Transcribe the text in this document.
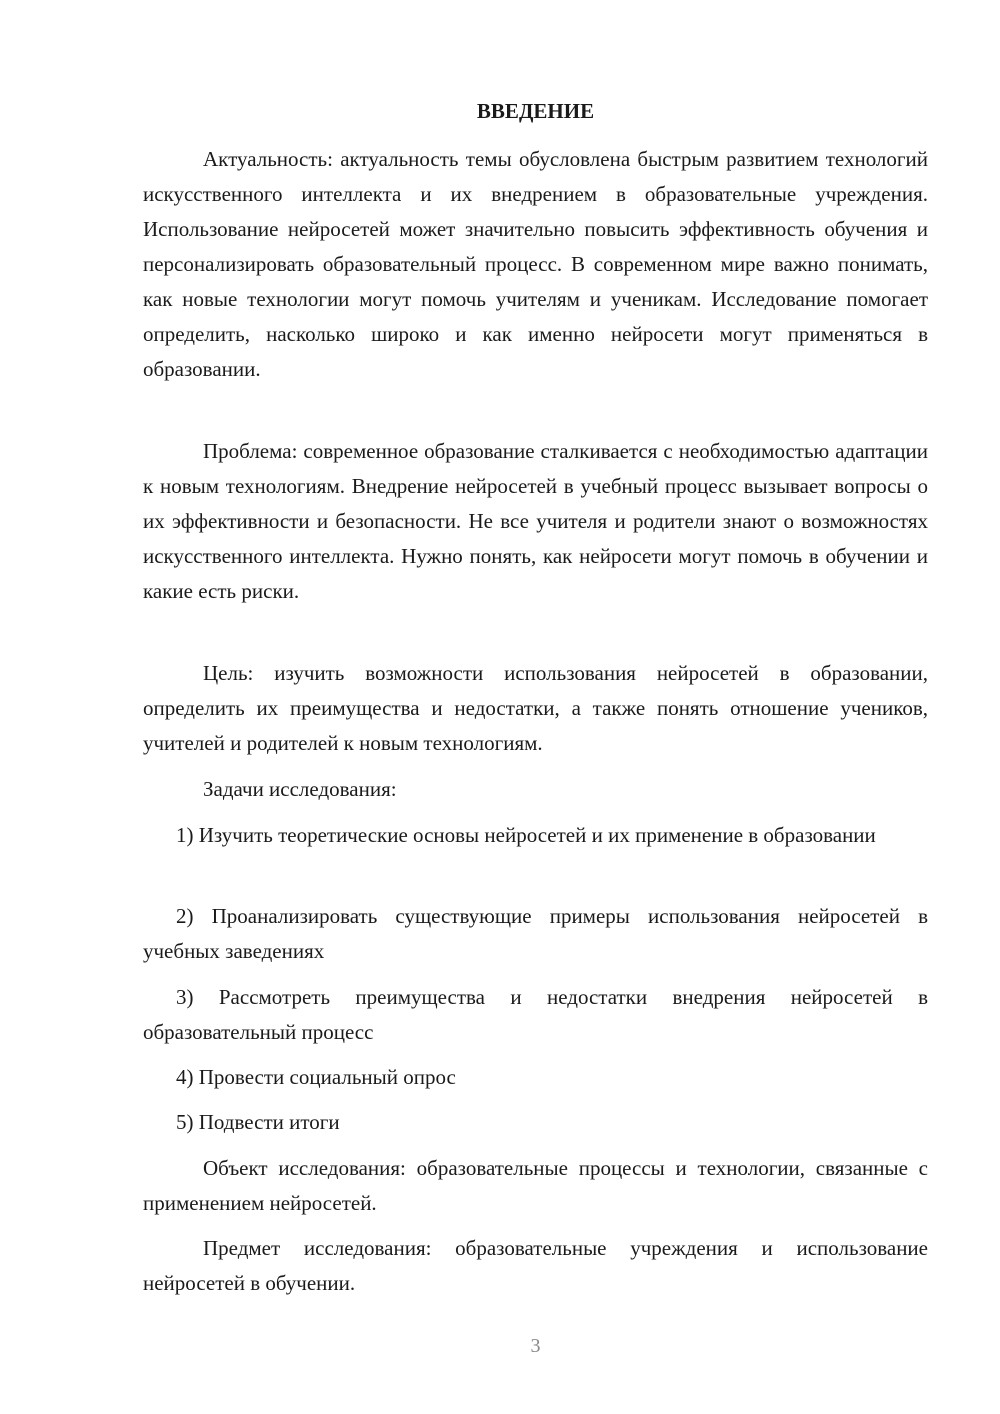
ВВЕДЕНИЕ

Актуальность: актуальность темы обусловлена быстрым развитием технологий искусственного интеллекта и их внедрением в образовательные учреждения. Использование нейросетей может значительно повысить эффективность обучения и персонализировать образовательный процесс. В современном мире важно понимать, как новые технологии могут помочь учителям и ученикам. Исследование помогает определить, насколько широко и как именно нейросети могут применяться в образовании.

Проблема: современное образование сталкивается с необходимостью адаптации к новым технологиям. Внедрение нейросетей в учебный процесс вызывает вопросы о их эффективности и безопасности. Не все учителя и родители знают о возможностях искусственного интеллекта. Нужно понять, как нейросети могут помочь в обучении и какие есть риски.

Цель: изучить возможности использования нейросетей в образовании, определить их преимущества и недостатки, а также понять отношение учеников, учителей и родителей к новым технологиям.

Задачи исследования:

1) Изучить теоретические основы нейросетей и их применение в образовании

2) Проанализировать существующие примеры использования нейросетей в учебных заведениях

3) Рассмотреть преимущества и недостатки внедрения нейросетей в образовательный процесс

4) Провести социальный опрос

5) Подвести итоги

Объект исследования: образовательные процессы и технологии, связанные с применением нейросетей.

Предмет исследования: образовательные учреждения и использование нейросетей в обучении.

3
